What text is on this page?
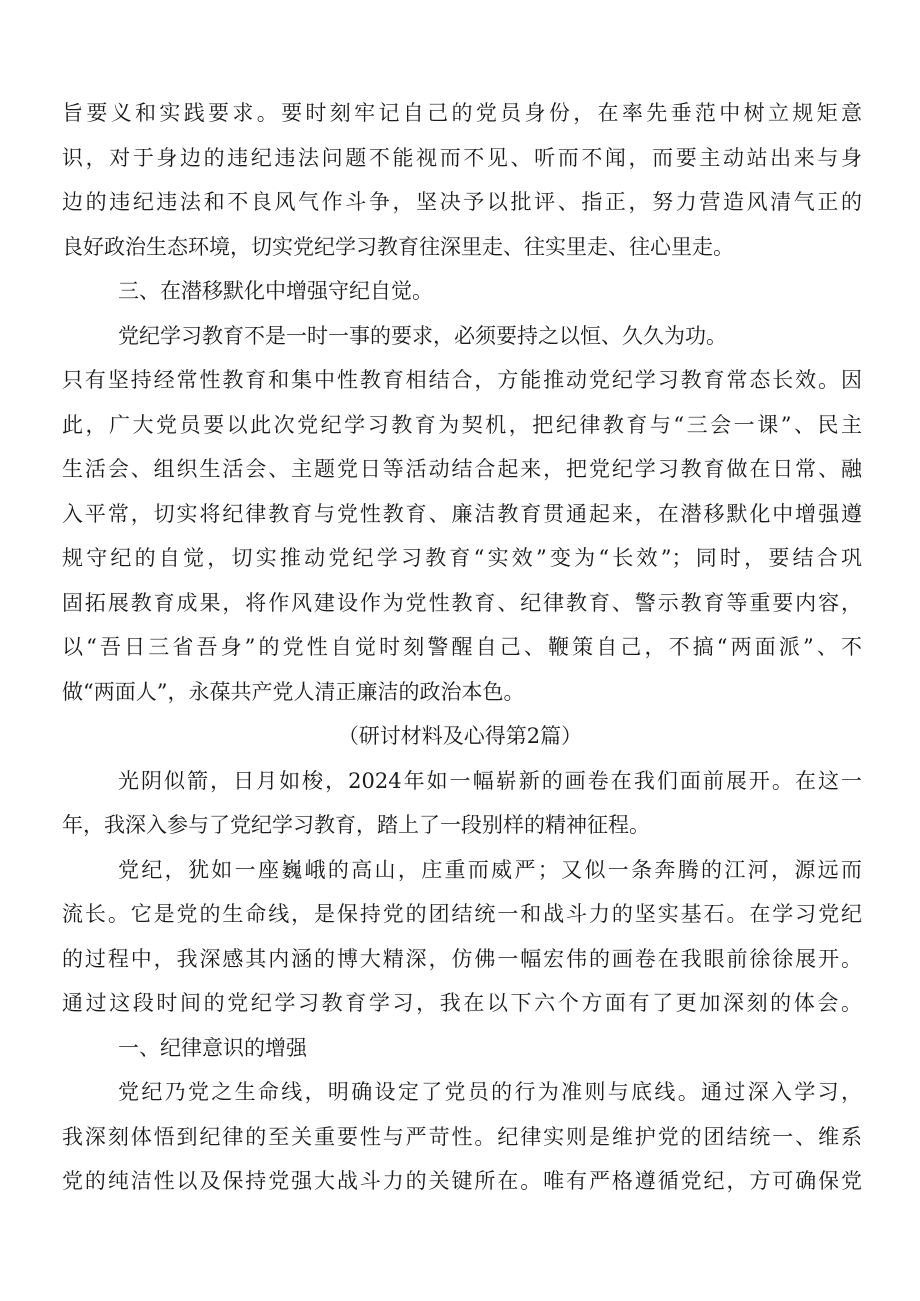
旨要义和实践要求。要时刻牢记自己的党员身份，在率先垂范中树立规矩意
识，对于身边的违纪违法问题不能视而不见、听而不闻，而要主动站出来与身
边的违纪违法和不良风气作斗争，坚决予以批评、指正，努力营造风清气正的
良好政治生态环境，切实党纪学习教育往深里走、往实里走、往心里走。
三、在潜移默化中增强守纪自觉。
党纪学习教育不是一时一事的要求，必须要持之以恒、久久为功。
只有坚持经常性教育和集中性教育相结合，方能推动党纪学习教育常态长效。因
此，广大党员要以此次党纪学习教育为契机，把纪律教育与“三会一课”、民主
生活会、组织生活会、主题党日等活动结合起来，把党纪学习教育做在日常、融
入平常，切实将纪律教育与党性教育、廉洁教育贯通起来，在潜移默化中增强遵
规守纪的自觉，切实推动党纪学习教育“实效”变为“长效”；同时，要结合巩
固拓展教育成果，将作风建设作为党性教育、纪律教育、警示教育等重要内容，
以“吾日三省吾身”的党性自觉时刻警醒自己、鞭策自己，不搞“两面派”、不
做“两面人”，永葆共产党人清正廉洁的政治本色。
（研讨材料及心得第2篇）
光阴似箭，日月如梭，2024年如一幅崭新的画卷在我们面前展开。在这一
年，我深入参与了党纪学习教育，踏上了一段别样的精神征程。
党纪，犹如一座巍峨的高山，庄重而威严；又似一条奔腾的江河，源远而
流长。它是党的生命线，是保持党的团结统一和战斗力的坚实基石。在学习党纪
的过程中，我深感其内涵的博大精深，仿佛一幅宏伟的画卷在我眼前徐徐展开。
通过这段时间的党纪学习教育学习，我在以下六个方面有了更加深刻的体会。
一、纪律意识的增强
党纪乃党之生命线，明确设定了党员的行为准则与底线。通过深入学习，
我深刻体悟到纪律的至关重要性与严苛性。纪律实则是维护党的团结统一、维系
党的纯洁性以及保持党强大战斗力的关键所在。唯有严格遵循党纪，方可确保党
